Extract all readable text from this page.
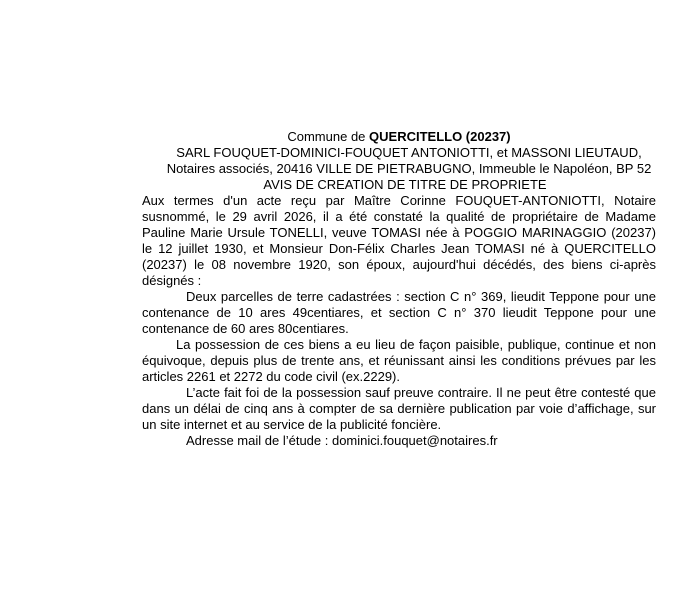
Commune de QUERCITELLO (20237)
SARL FOUQUET-DOMINICI-FOUQUET ANTONIOTTI, et MASSONI LIEUTAUD, Notaires associés, 20416 VILLE DE PIETRABUGNO, Immeuble le Napoléon, BP 52
AVIS DE CREATION DE TITRE DE PROPRIETE
Aux termes d'un acte reçu par Maître Corinne FOUQUET-ANTONIOTTI, Notaire susnommé, le 29 avril 2026, il a été constaté la qualité de propriétaire de Madame Pauline Marie Ursule TONELLI, veuve TOMASI née à POGGIO MARINAGGIO (20237) le 12 juillet 1930, et Monsieur Don-Félix Charles Jean TOMASI né à QUERCITELLO (20237) le 08 novembre 1920, son époux, aujourd'hui décédés, des biens ci-après désignés :
Deux parcelles de terre cadastrées : section C n° 369, lieudit Teppone pour une contenance de 10 ares 49centiares, et section C n° 370 lieudit Teppone pour une contenance de 60 ares 80centiares.
La possession de ces biens a eu lieu de façon paisible, publique, continue et non équivoque, depuis plus de trente ans, et réunissant ainsi les conditions prévues par les articles 2261 et 2272 du code civil (ex.2229).
L’acte fait foi de la possession sauf preuve contraire. Il ne peut être contesté que dans un délai de cinq ans à compter de sa dernière publication par voie d’affichage, sur un site internet et au service de la publicité foncière.
Adresse mail de l’étude : dominici.fouquet@notaires.fr
